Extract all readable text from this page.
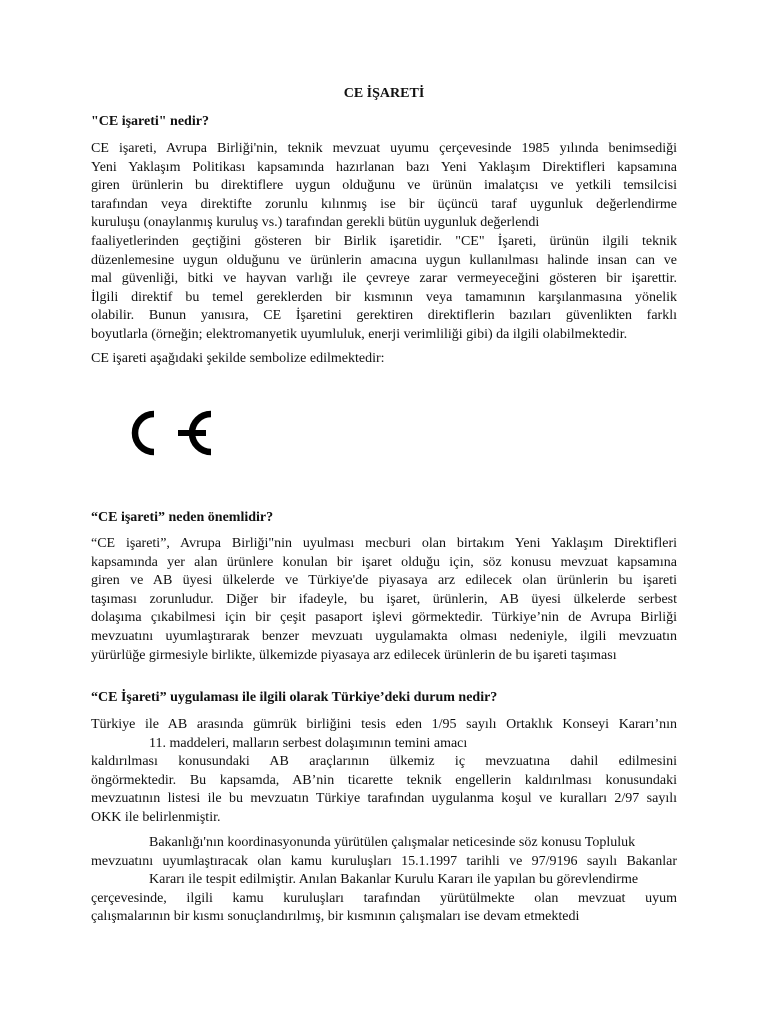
CE İŞARETİ
"CE işareti" nedir?
CE işareti, Avrupa Birliği'nin, teknik mevzuat uyumu çerçevesinde 1985 yılında benimsediği
Yeni Yaklaşım Politikası kapsamında hazırlanan bazı Yeni Yaklaşım Direktifleri kapsamına
giren ürünlerin bu direktiflere uygun olduğunu ve ürünün imalatçısı ve yetkili temsilcisi
tarafından veya direktifte zorunlu kılınmış ise bir üçüncü taraf uygunluk değerlendirme
kuruluşu (onaylanmış kuruluş vs.) tarafından gerekli bütün uygunluk değerlendi
faaliyetlerinden geçtiğini gösteren bir Birlik işaretidir. "CE" İşareti, ürünün ilgili teknik
düzenlemesine uygun olduğunu ve ürünlerin amacına uygun kullanılması halinde insan can ve
mal güvenliği, bitki ve hayvan varlığı ile çevreye zarar vermeyeceğini gösteren bir işarettir.
İlgili direktif bu temel gereklerden bir kısmının veya tamamının karşılanmasına yönelik
olabilir. Bunun yanısıra, CE İşaretini gerektiren direktiflerin bazıları güvenlikten farklı
boyutlarla (örneğin; elektromanyetik uyumluluk, enerji verimliliği gibi) da ilgili olabilmektedir.
CE işareti aşağıdaki şekilde sembolize edilmektedir:
“CE işareti” neden önemlidir?
“CE işareti”, Avrupa Birliği"nin uyulması mecburi olan birtakım Yeni Yaklaşım Direktifleri
kapsamında yer alan ürünlere konulan bir işaret olduğu için, söz konusu mevzuat kapsamına
giren ve AB üyesi ülkelerde ve Türkiye'de piyasaya arz edilecek olan ürünlerin bu işareti
taşıması zorunludur. Diğer bir ifadeyle, bu işaret, ürünlerin, AB üyesi ülkelerde serbest
dolaşıma çıkabilmesi için bir çeşit pasaport işlevi görmektedir. Türkiye’nin de Avrupa Birliği
mevzuatını uyumlaştırarak benzer mevzuatı uygulamakta olması nedeniyle, ilgili mevzuatın
yürürlüğe girmesiyle birlikte, ülkemizde piyasaya arz edilecek ürünlerin de bu işareti taşıması
“CE İşareti” uygulaması ile ilgili olarak Türkiye’deki durum nedir?
Türkiye ile AB arasında gümrük birliğini tesis eden 1/95 sayılı Ortaklık Konseyi Kararı’nın
11. maddeleri, malların serbest dolaşımının temini amacı
kaldırılması konusundaki AB araçlarının ülkemiz iç mevzuatına dahil edilmesini
öngörmektedir. Bu kapsamda, AB’nin ticarette teknik engellerin kaldırılması konusundaki
mevzuatının listesi ile bu mevzuatın Türkiye tarafından uygulanma koşul ve kuralları 2/97 sayılı
OKK ile belirlenmiştir.
Bakanlığı'nın koordinasyonunda yürütülen çalışmalar neticesinde söz konusu Topluluk
mevzuatını uyumlaştıracak olan kamu kuruluşları 15.1.1997 tarihli ve 97/9196 sayılı Bakanlar
Kararı ile tespit edilmiştir. Anılan Bakanlar Kurulu Kararı ile yapılan bu görevlendirme
çerçevesinde, ilgili kamu kuruluşları tarafından yürütülmekte olan mevzuat uyum
çalışmalarının bir kısmı sonuçlandırılmış, bir kısmının çalışmaları ise devam etmektedi
